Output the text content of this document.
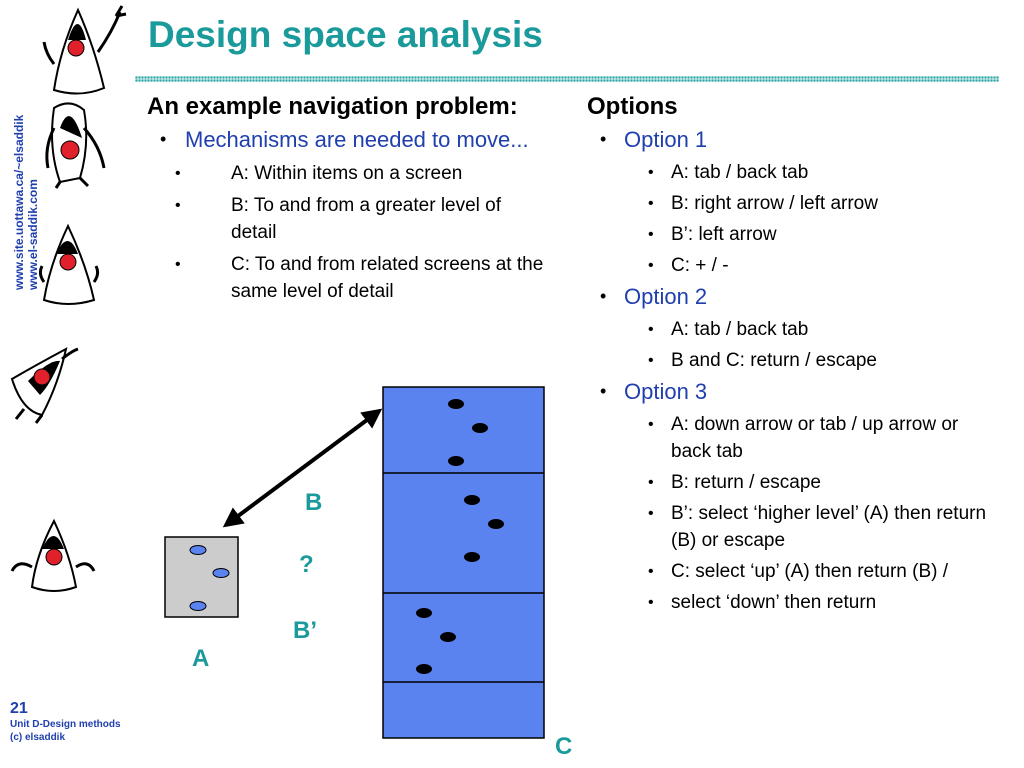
Design space analysis
www.site.uottawa.ca/~elsaddik www.el-saddik.com
An example navigation problem:
• Mechanisms are needed to move...
• A: Within items on a screen
• B: To and from a greater level of detail
• C: To and from related screens at the same level of detail
Options
• Option 1
• A: tab / back tab
• B: right arrow / left arrow
• B’: left arrow
• C: + / -
• Option 2
• A: tab / back tab
• B and C: return / escape
• Option 3
• A: down arrow or tab / up arrow or back tab
• B: return / escape
• B’: select ‘higher level’ (A) then return (B) or escape
• C: select ‘up’ (A) then return (B) /
• select ‘down’ then return
B
?
B’
A
C
21
Unit D-Design methods
(c) elsaddik
